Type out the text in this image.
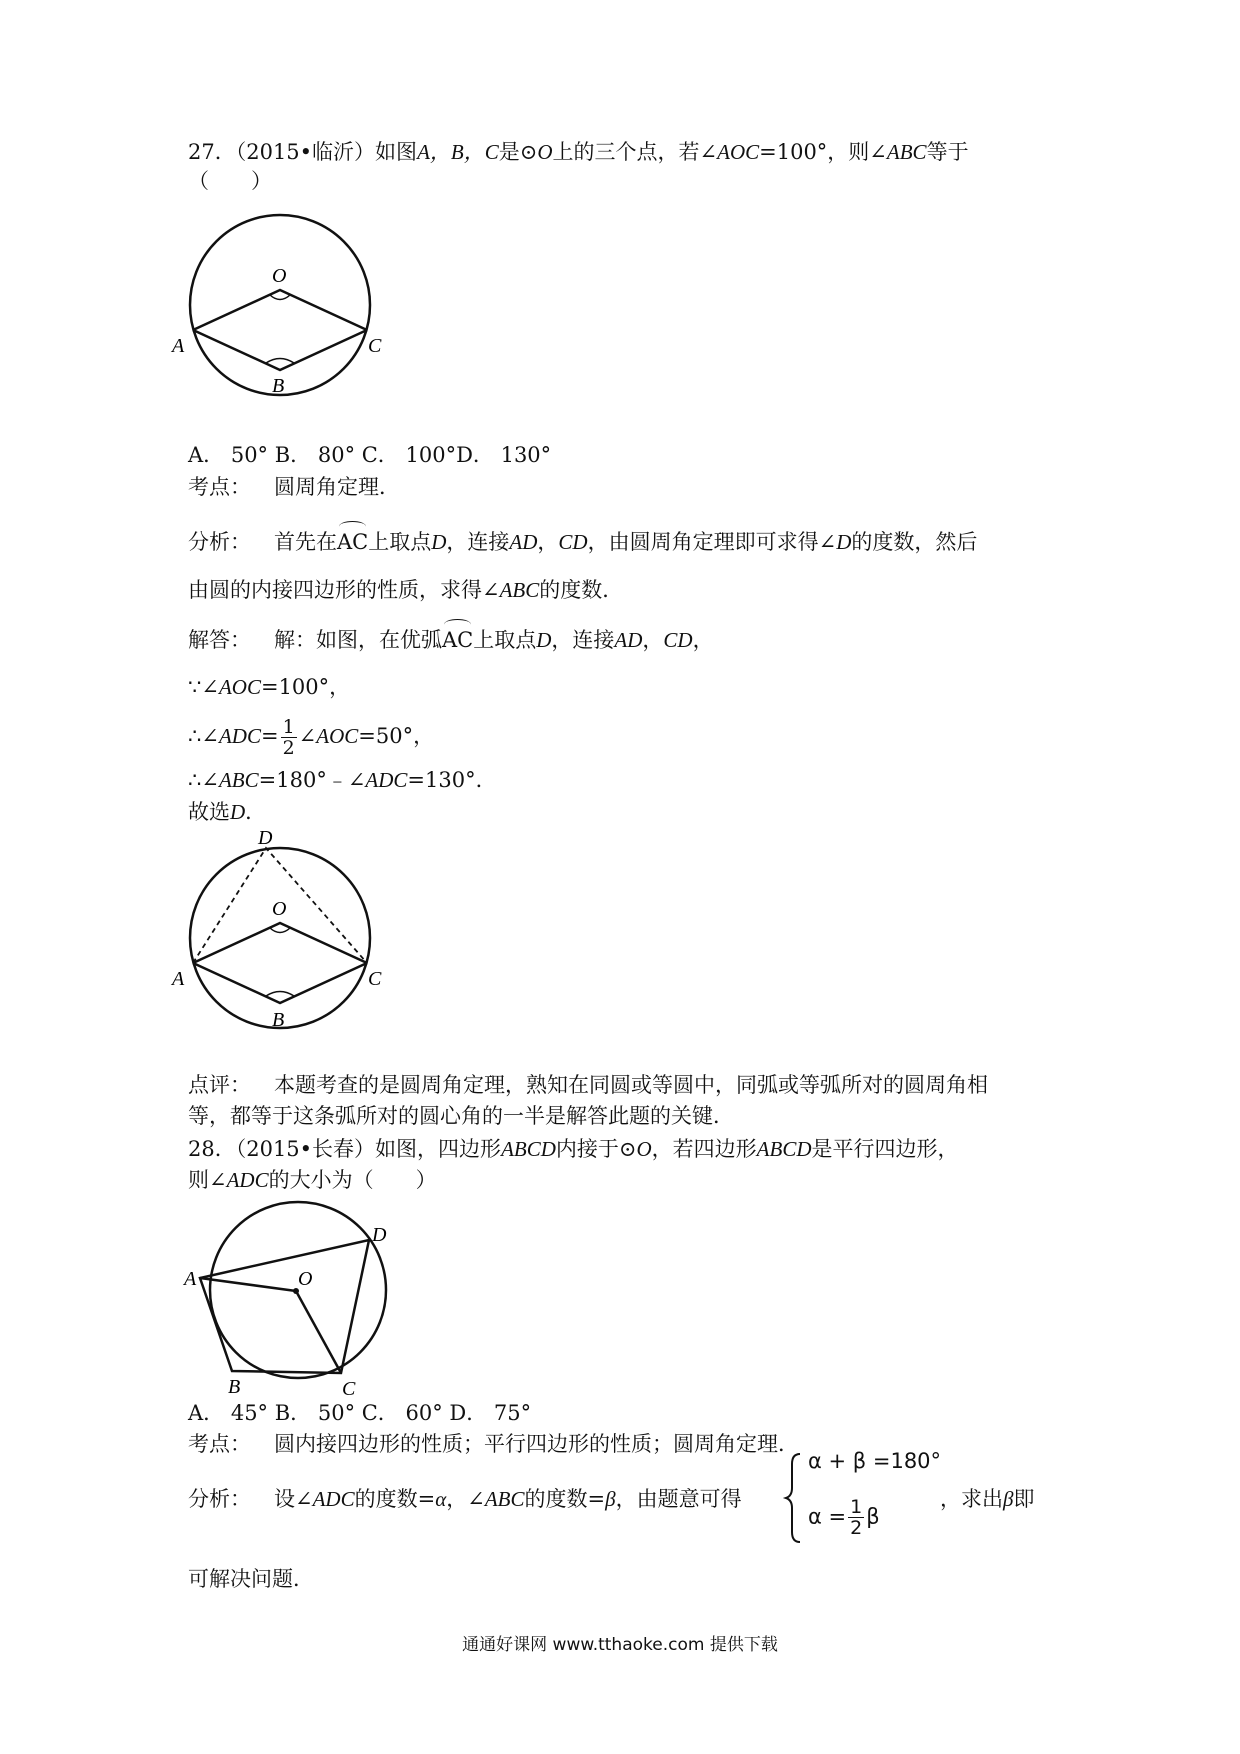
27．（2015•临沂）如图A，B，C是⊙O上的三个点，若∠AOC=100°，则∠ABC等于
（　　）
O
A
B
C
A． 50° B． 80° C． 100°D． 130°
考点： 圆周角定理．
分析： 首先在AC上取点D，连接AD，CD，由圆周角定理即可求得∠D的度数，然后
由圆的内接四边形的性质，求得∠ABC的度数．
解答： 解：如图，在优弧AC上取点D，连接AD，CD，
∵∠AOC=100°，
∴∠ADC= $\frac{1}{2}$ ∠AOC=50°，
∴∠ABC=180°﹣∠ADC=130°．
故选D．
D
O
A
B
C
点评： 本题考查的是圆周角定理，熟知在同圆或等圆中，同弧或等弧所对的圆周角相
等，都等于这条弧所对的圆心角的一半是解答此题的关键．
28．（2015•长春）如图，四边形ABCD内接于⊙O，若四边形ABCD是平行四边形，
则∠ADC的大小为（　　）
O
A
B	C
D
A． 45° B． 50° C． 60° D． 75°
考点： 圆内接四边形的性质；平行四边形的性质；圆周角定理．
分析： 设∠ADC的度数=α，∠ABC的度数=β，由题意可得
α + β =180°
$\alpha = \frac{1}{2}$ β
，求出β即
可解决问题．
通通好课网 www.tthaoke.com 提供下载
